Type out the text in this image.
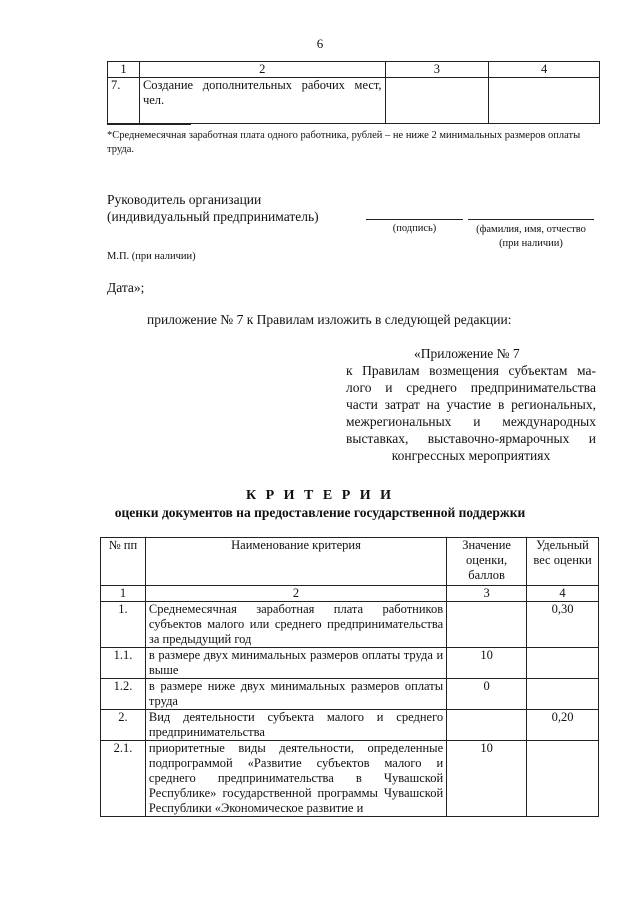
6
1	2	3	4
7.	Создание дополнительных рабочих мест, чел.		
*Среднемесячная заработная плата одного работника, рублей – не ниже 2 минимальных размеров оплаты труда.
Руководитель организации
(индивидуальный предприниматель)
(подпись)	(фамилия, имя, отчество
(при наличии)
М.П. (при наличии)
Дата»;
приложение № 7 к Правилам изложить в следующей редакции:
«Приложение № 7
к Правилам возмещения субъектам ма-
лого и среднего предпринимательства
части затрат на участие в региональных,
межрегиональных и международных
выставках, выставочно-ярмарочных и
конгрессных мероприятиях
К Р И Т Е Р И И
оценки документов на предоставление государственной поддержки
№ пп	Наименование критерия	Значение оценки, баллов	Удельный вес оценки
1	2	3	4
1.	Среднемесячная заработная плата работников субъектов малого или среднего предпринимательства за предыдущий год		0,30
1.1.	в размере двух минимальных размеров оплаты труда и выше	10	
1.2.	в размере ниже двух минимальных размеров оплаты труда	0	
2.	Вид деятельности субъекта малого и среднего предпринимательства		0,20
2.1.	приоритетные виды деятельности, определенные подпрограммой «Развитие субъектов малого и среднего предпринимательства в Чувашской Республике» государственной программы Чувашской Республики «Экономическое развитие и	10	
